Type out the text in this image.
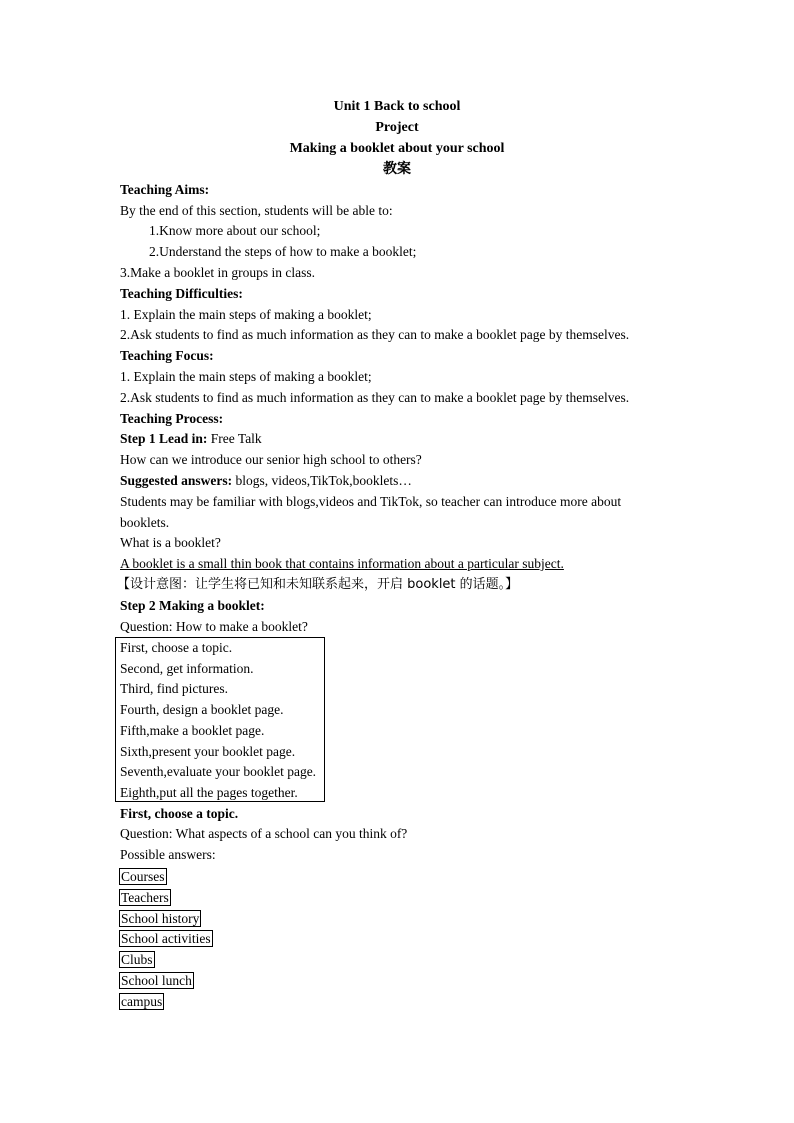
Unit 1 Back to school
Project
Making a booklet about your school
教案
Teaching Aims:
By the end of this section, students will be able to:
1.Know more about our school;
2.Understand the steps of how to make a booklet;
3.Make a booklet in groups in class.
Teaching Difficulties:
1. Explain the main steps of making a booklet;
2.Ask students to find as much information as they can to make a booklet page by themselves.
Teaching Focus:
1. Explain the main steps of making a booklet;
2.Ask students to find as much information as they can to make a booklet page by themselves.
Teaching Process:
Step 1 Lead in: Free Talk
How can we introduce our senior high school to others?
Suggested answers: blogs, videos,TikTok,booklets…
Students may be familiar with blogs,videos and TikTok, so teacher can introduce more about
booklets.
What is a booklet?
A booklet is a small thin book that contains information about a particular subject.
【设计意图：让学生将已知和未知联系起来，开启 booklet 的话题。】
Step 2 Making a booklet:
Question: How to make a booklet?
First, choose a topic.
Second, get information.
Third, find pictures.
Fourth, design a booklet page.
Fifth,make a booklet page.
Sixth,present your booklet page.
Seventh,evaluate your booklet page.
Eighth,put all the pages together.
First, choose a topic.
Question: What aspects of a school can you think of?
Possible answers:
Courses
Teachers
School history
School activities
Clubs
School lunch
campus
